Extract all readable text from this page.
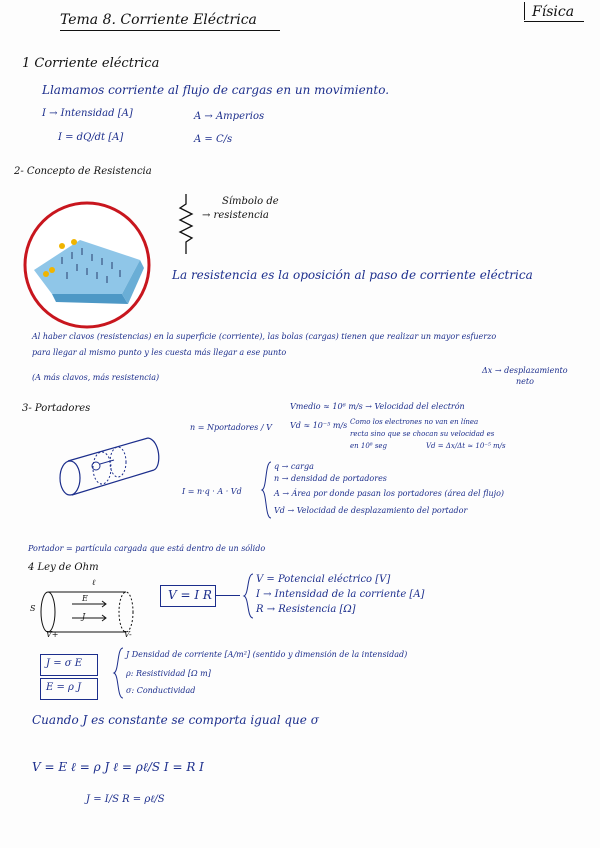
Tema 8. Corriente Eléctrica	Física
1 Corriente eléctrica
Llamamos corriente al flujo de cargas en un movimiento.
I → Intensidad [A]	A → Amperios
I = dQ/dt [A]	A = C/s
2- Concepto de Resistencia
Símbolo de
→ resistencia
La resistencia es la oposición al paso de corriente eléctrica
Al haber clavos (resistencias) en la superficie (corriente), las bolas (cargas) tienen que realizar un mayor esfuerzo
para llegar al mismo punto y les cuesta más llegar a ese punto
(A más clavos, más resistencia)
Δx → desplazamiento
neto
3- Portadores
n = Nportadores / V
Vmedio ≈ 10⁶ m/s → Velocidad del electrón
Vd ≈ 10⁻⁵ m/s Como los electrones no van en línea
recta sino que se chocan su velocidad es
en 10⁸ seg	Vd = Δx/Δt ≈ 10⁻⁵ m/s
I = n·q · A · Vd
q → carga
n → densidad de portadores
A → Área por donde pasan los portadores (área del flujo)
Vd → Velocidad de desplazamiento del portador
Portador = partícula cargada que está dentro de un sólido
4 Ley de Ohm
ℓ
S
V+	V-
E
J
V = I R
V = Potencial eléctrico [V]
I → Intensidad de la corriente [A]
R → Resistencia [Ω]
J = σ E
E = ρ J
J Densidad de corriente [A/m²] (sentido y dimensión de la intensidad)
ρ: Resistividad [Ω m]
σ: Conductividad
Cuando J es constante se comporta igual que σ
V = E ℓ = ρ J ℓ = ρℓ/S I = R I
J = I/S R = ρℓ/S
